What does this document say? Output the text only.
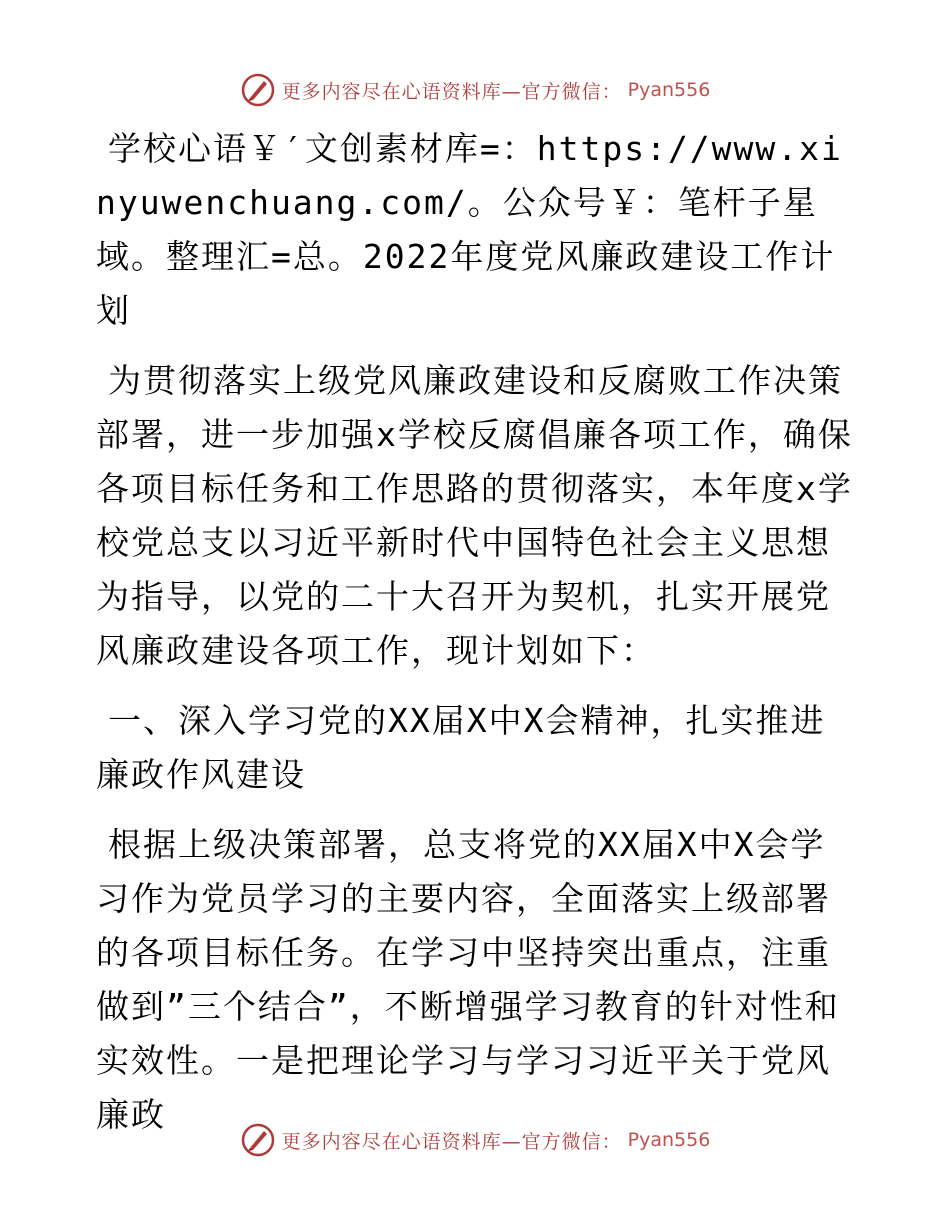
更多内容尽在心语资料库—官方微信： Pyan556

学校心语￥′文创素材库=：https://www.xinyuwenchuang.com/。公众号￥：笔杆子星域。整理汇=总。2022年度党风廉政建设工作计划

为贯彻落实上级党风廉政建设和反腐败工作决策部署，进一步加强x学校反腐倡廉各项工作，确保各项目标任务和工作思路的贯彻落实，本年度x学校党总支以习近平新时代中国特色社会主义思想为指导，以党的二十大召开为契机，扎实开展党风廉政建设各项工作，现计划如下：

一、深入学习党的XX届X中X会精神，扎实推进廉政作风建设

根据上级决策部署，总支将党的XX届X中X会学习作为党员学习的主要内容，全面落实上级部署的各项目标任务。在学习中坚持突出重点，注重做到”三个结合”，不断增强学习教育的针对性和实效性。一是把理论学习与学习习近平关于党风廉政

更多内容尽在心语资料库—官方微信： Pyan556
